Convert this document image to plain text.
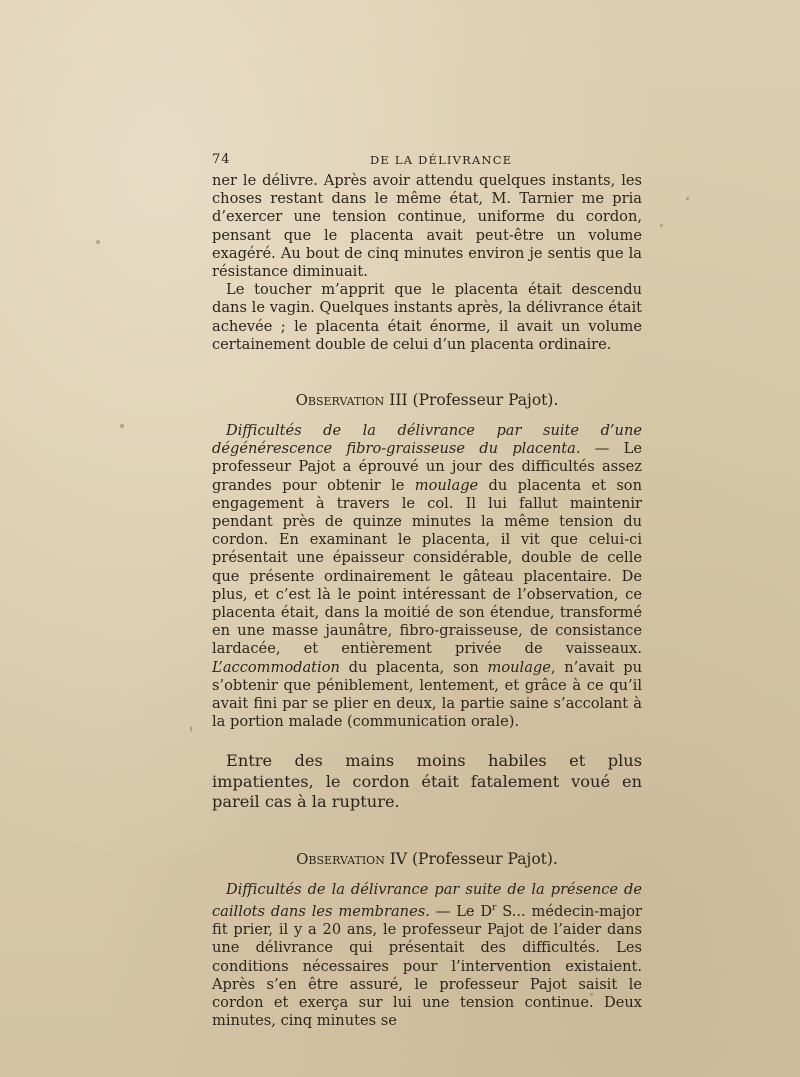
74	DE LA DÉLIVRANCE

ner le délivre. Après avoir attendu quelques instants, les choses restant dans le même état, M. Tarnier me pria d’exercer une tension continue, uniforme du cordon, pensant que le placenta avait peut-être un volume exagéré. Au bout de cinq minutes environ je sentis que la résistance diminuait.

Le toucher m’apprit que le placenta était descendu dans le vagin. Quelques instants après, la délivrance était achevée ; le placenta était énorme, il avait un volume certainement double de celui d’un placenta ordinaire.

Observation III (Professeur Pajot).

Difficultés de la délivrance par suite d’une dégénérescence fibro-graisseuse du placenta. — Le professeur Pajot a éprouvé un jour des difficultés assez grandes pour obtenir le moulage du placenta et son engagement à travers le col. Il lui fallut maintenir pendant près de quinze minutes la même tension du cordon. En examinant le placenta, il vit que celui-ci présentait une épaisseur considérable, double de celle que présente ordinairement le gâteau placentaire. De plus, et c’est là le point intéressant de l’observation, ce placenta était, dans la moitié de son étendue, transformé en une masse jaunâtre, fibro-graisseuse, de consistance lardacée, et entièrement privée de vaisseaux. L’accommodation du placenta, son moulage, n’avait pu s’obtenir que péniblement, lentement, et grâce à ce qu’il avait fini par se plier en deux, la partie saine s’accolant à la portion malade (communication orale).

Entre des mains moins habiles et plus impatientes, le cordon était fatalement voué en pareil cas à la rupture.

Observation IV (Professeur Pajot).

Difficultés de la délivrance par suite de la présence de caillots dans les membranes. — Le $D^r$ S... médecin-major fit prier, il y a 20 ans, le professeur Pajot de l’aider dans une délivrance qui présentait des difficultés. Les conditions nécessaires pour l’intervention existaient. Après s’en être assuré, le professeur Pajot saisit le cordon et exerça sur lui une tension continue. Deux minutes, cinq minutes se
